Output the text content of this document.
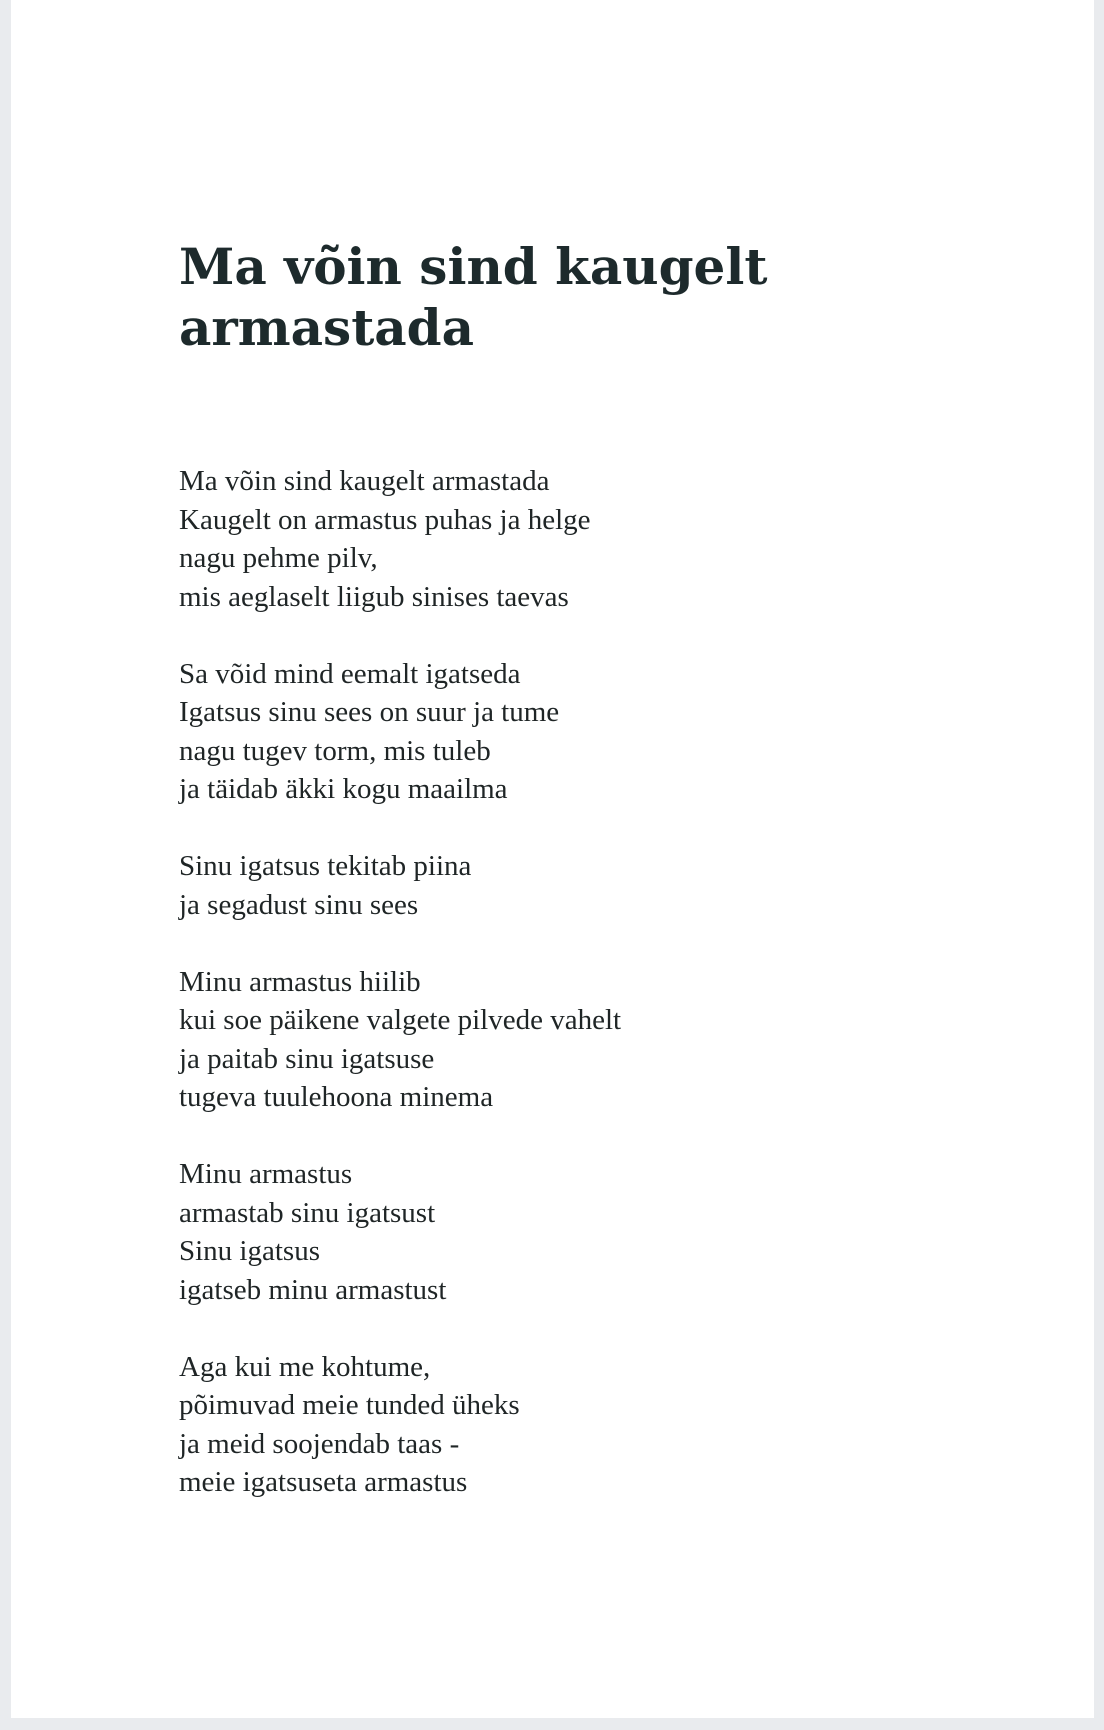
Ma võin sind kaugelt armastada

Ma võin sind kaugelt armastada
Kaugelt on armastus puhas ja helge
nagu pehme pilv,
mis aeglaselt liigub sinises taevas

Sa võid mind eemalt igatseda
Igatsus sinu sees on suur ja tume
nagu tugev torm, mis tuleb
ja täidab äkki kogu maailma

Sinu igatsus tekitab piina
ja segadust sinu sees

Minu armastus hiilib
kui soe päikene valgete pilvede vahelt
ja paitab sinu igatsuse
tugeva tuulehoona minema

Minu armastus
armastab sinu igatsust
Sinu igatsus
igatseb minu armastust

Aga kui me kohtume,
põimuvad meie tunded üheks
ja meid soojendab taas -
meie igatsuseta armastus
